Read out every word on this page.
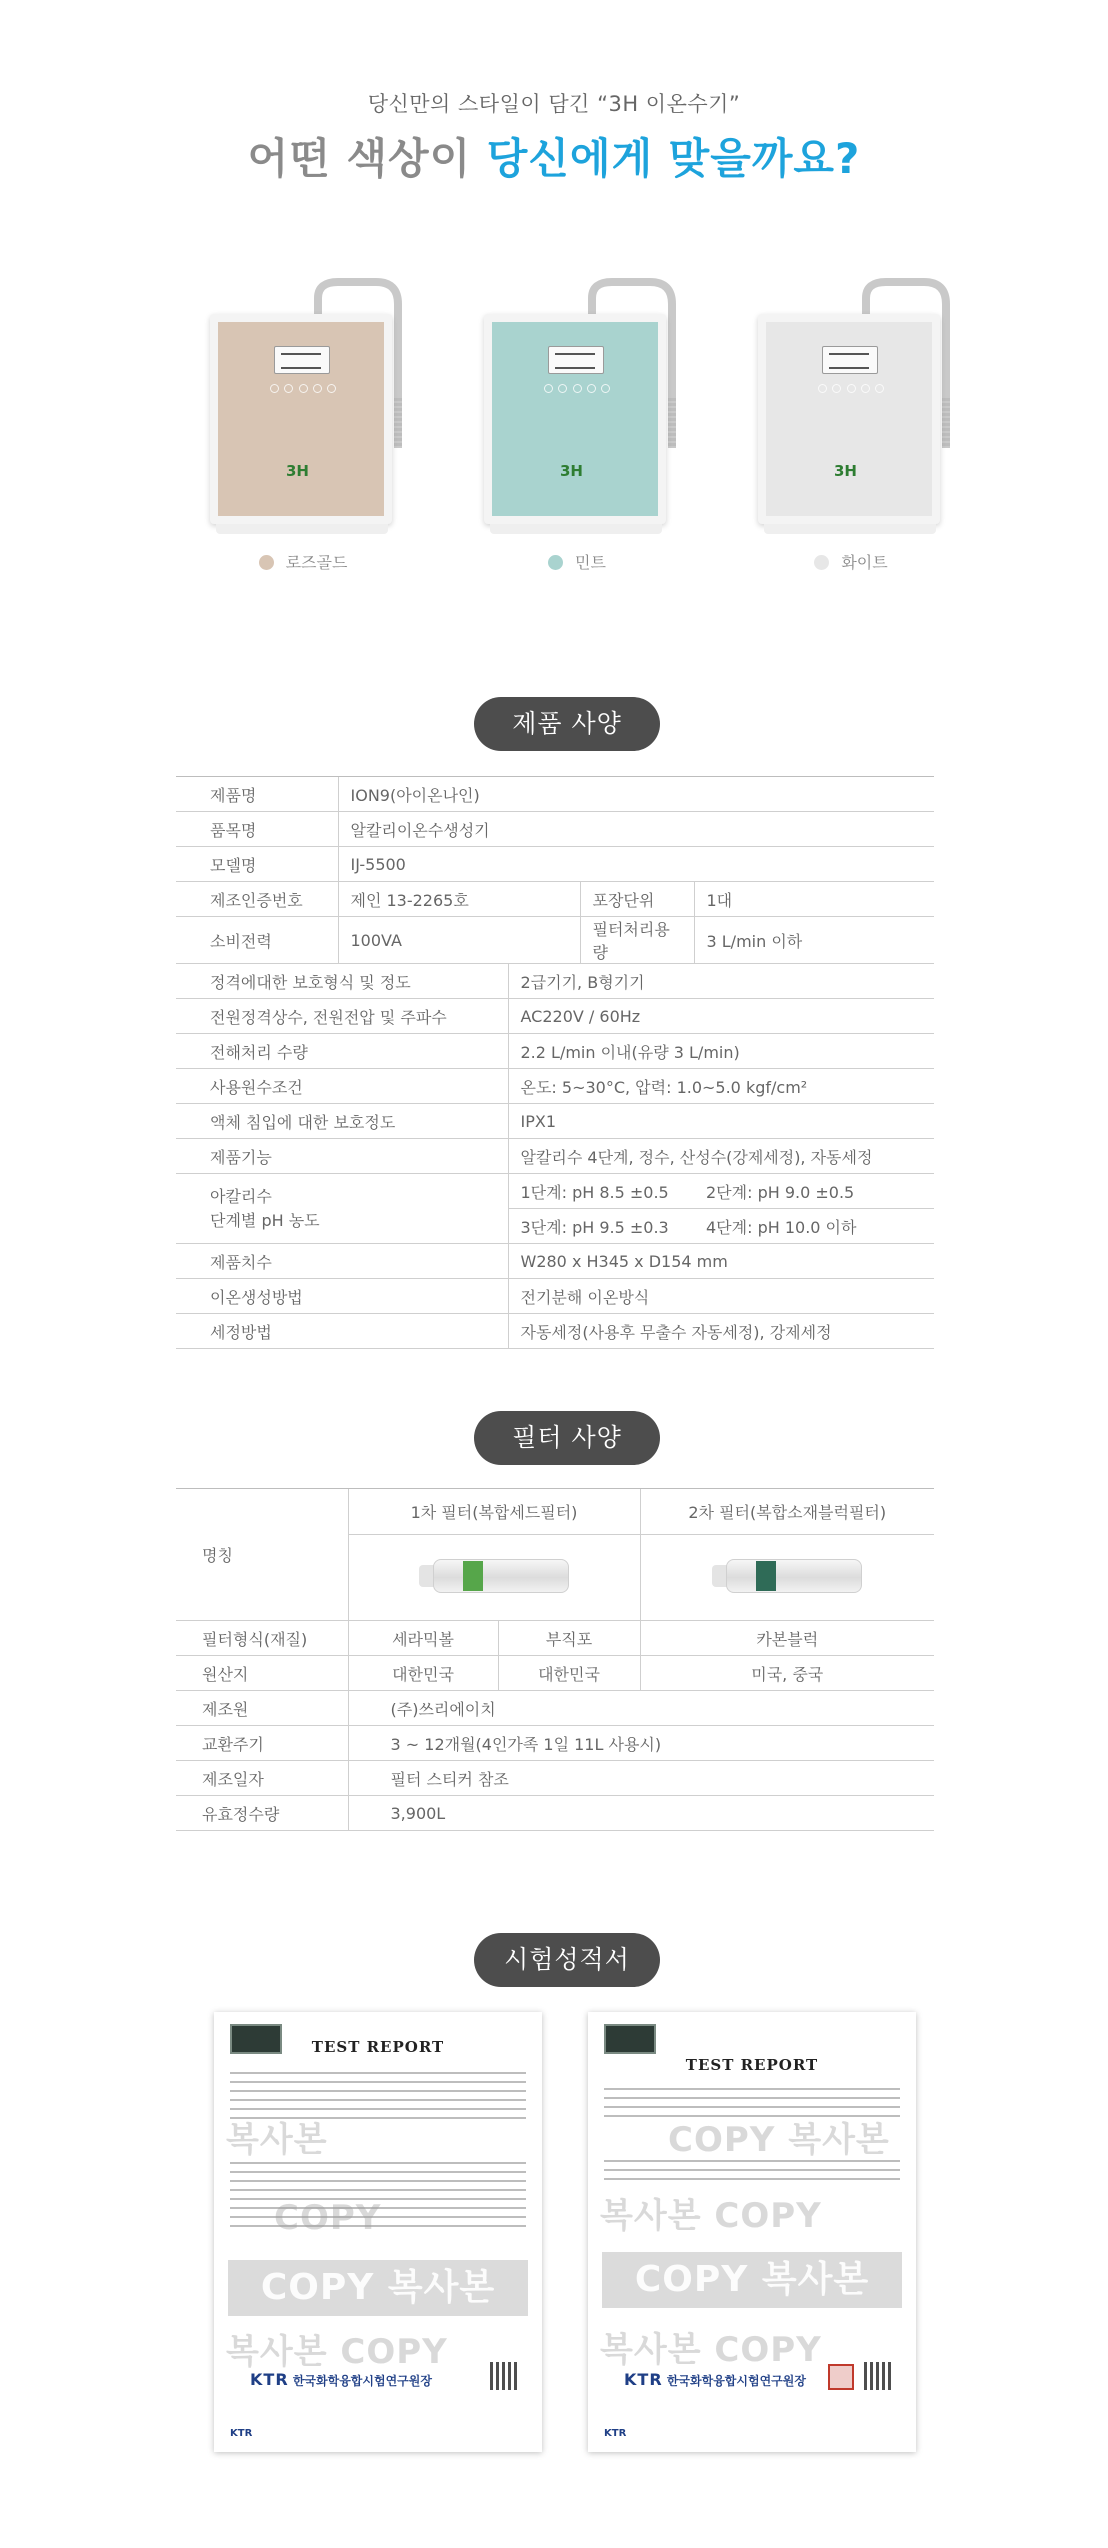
당신만의 스타일이 담긴 “3H 이온수기”
어떤 색상이 당신에게 맞을까요?
3H
로즈골드
3H
민트
3H
화이트
제품 사양
제품명	ION9(아이온나인)			
품목명	알칼리이온수생성기			
모델명	IJ-5500			
제조인증번호	제인 13-2265호		포장단위	1대
소비전력	100VA		필터처리용량	3 L/min 이하
정격에대한 보호형식 및 정도		2급기기, B형기기		
전원정격상수, 전원전압 및 주파수		AC220V / 60Hz		
전해처리 수량		2.2 L/min 이내(유량 3 L/min)		
사용원수조건		온도: 5~30°C, 압력: 1.0~5.0 kgf/cm²		
액체 침입에 대한 보호정도		IPX1		
제품기능		알칼리수 4단계, 정수, 산성수(강제세정), 자동세정		

아칼리수
단계별 pH 농도		1단계: pH 8.5 ±0.5		2단계: pH 9.0 ±0.5
		3단계: pH 9.5 ±0.3		4단계: pH 10.0 이하
제품치수		W280 x H345 x D154 mm		
이온생성방법		전기분해 이온방식		
세정방법		자동세정(사용후 무출수 자동세정), 강제세정		
필터 사양
명칭	1차 필터(복합세드필터)		2차 필터(복합소재블럭필터)

필터형식(재질)	세라믹볼	부직포	카본블럭
원산지	대한민국	대한민국	미국, 중국
제조원	(주)쓰리에이치		
교환주기	3 ~ 12개월(4인가족 1일 11L 사용시)		
제조일자	필터 스티커 참조		
유효정수량	3,900L		
시험성적서
TEST REPORT
복사본
COPY
COPY 복사본
복사본 COPY
KTR 한국화학융합시험연구원장
KTR
TEST REPORT
COPY 복사본
복사본 COPY
COPY 복사본
복사본 COPY
KTR 한국화학융합시험연구원장
KTR
